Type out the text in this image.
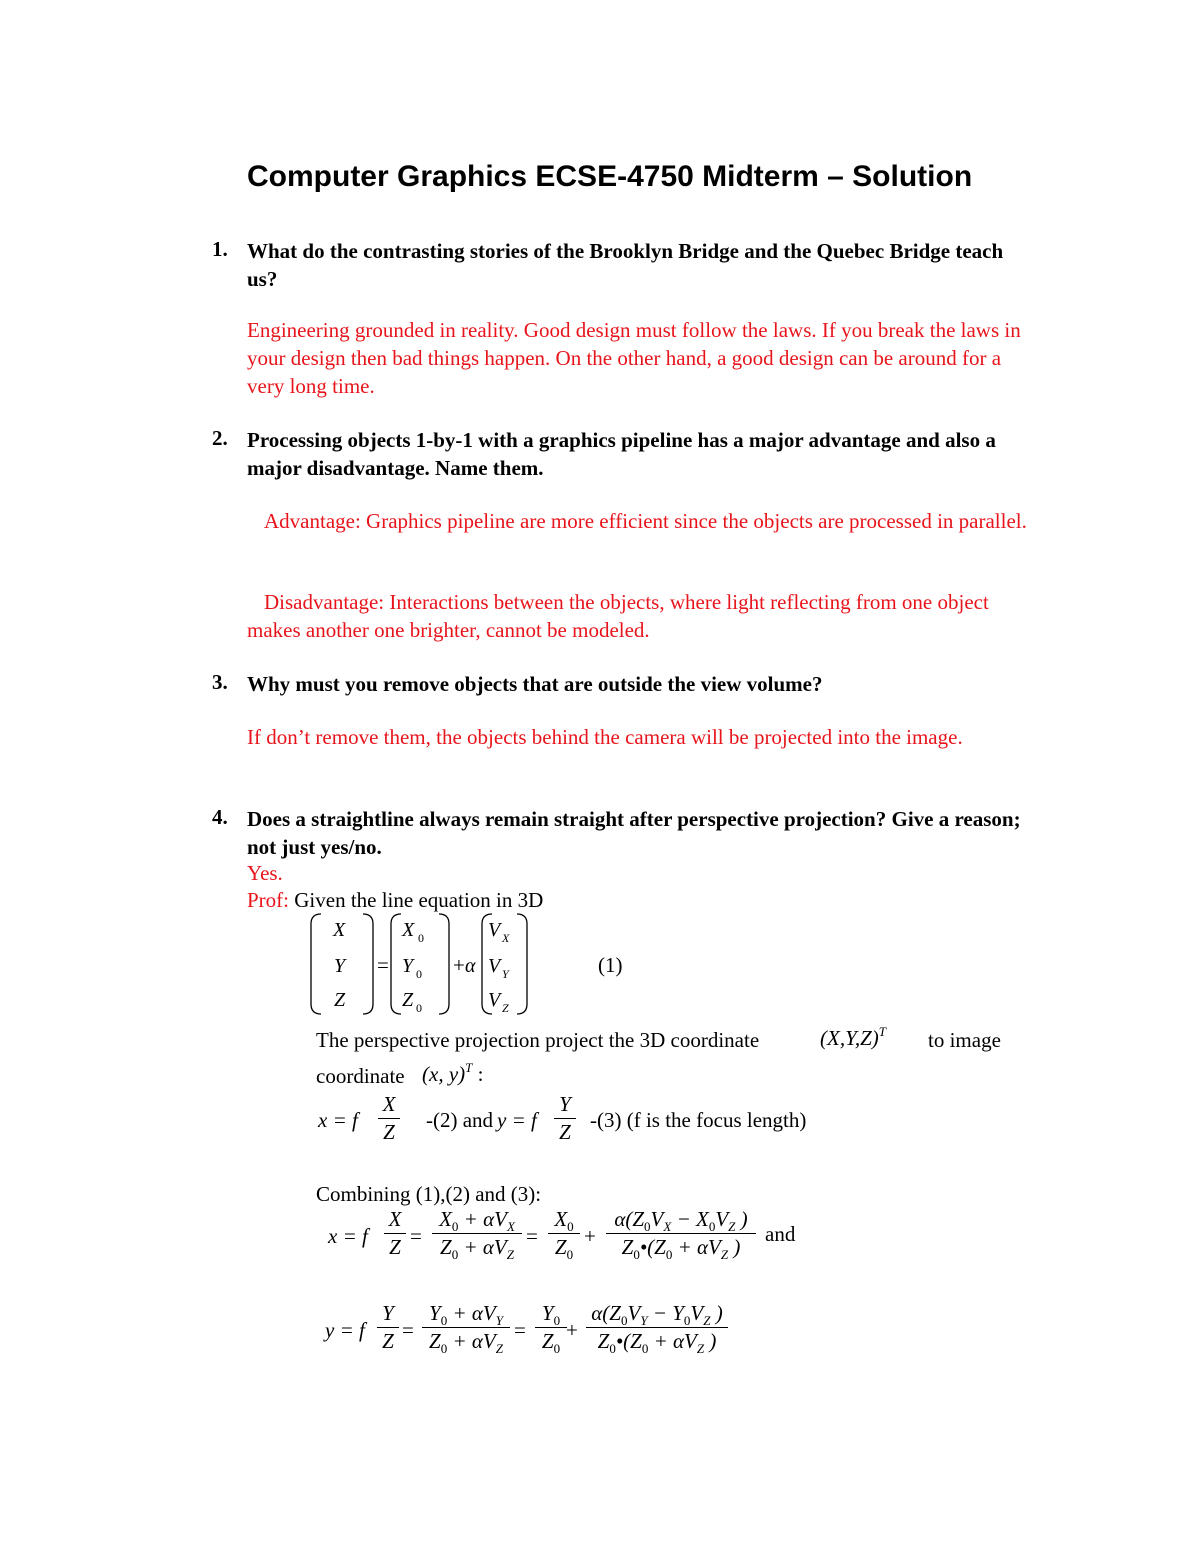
Computer Graphics ECSE-4750 Midterm – Solution
1. What do the contrasting stories of the Brooklyn Bridge and the Quebec Bridge teach us?
Engineering grounded in reality. Good design must follow the laws. If you break the laws in your design then bad things happen. On the other hand, a good design can be around for a very long time.
2. Processing objects 1-by-1 with a graphics pipeline has a major advantage and also a major disadvantage. Name them.
Advantage: Graphics pipeline are more efficient since the objects are processed in parallel.
Disadvantage: Interactions between the objects, where light reflecting from one object makes another one brighter, cannot be modeled.
3. Why must you remove objects that are outside the view volume?
If don’t remove them, the objects behind the camera will be projected into the image.
4. Does a straightline always remain straight after perspective projection? Give a reason; not just yes/no.
Yes.
Prof: Given the line equation in 3D
X
Y
Z
X 0
Y 0
Z 0
α
V X
V Y
V Z
=	+	(1)
The perspective projection project the 3D coordinate	$(X,Y,Z)^T$ to image
coordinate (x, y)$^T$ :
x = f
X
Z -(2) and y = f
Y
Z -(3) (f is the focus length)
Combining (1),(2) and (3):
x = f
X
Z =
$X_0 + \alpha V_X$
$Z_0 + \alpha V_Z$
=
$X_0$
$Z_0$
+
$\alpha(Z_0V_X - X_0V_Z$ )
$Z_0•(Z_0 + \alpha V_Z$ )
and
y = f
Y
Z =
$Y_0 + \alpha V_Y$
$Z_0 + \alpha V_Z$
=
$Y_0$
$Z_0$
+
$\alpha(Z_0V_Y - Y_0V_Z$ )
$Z_0•(Z_0 + \alpha V_Z$ )
